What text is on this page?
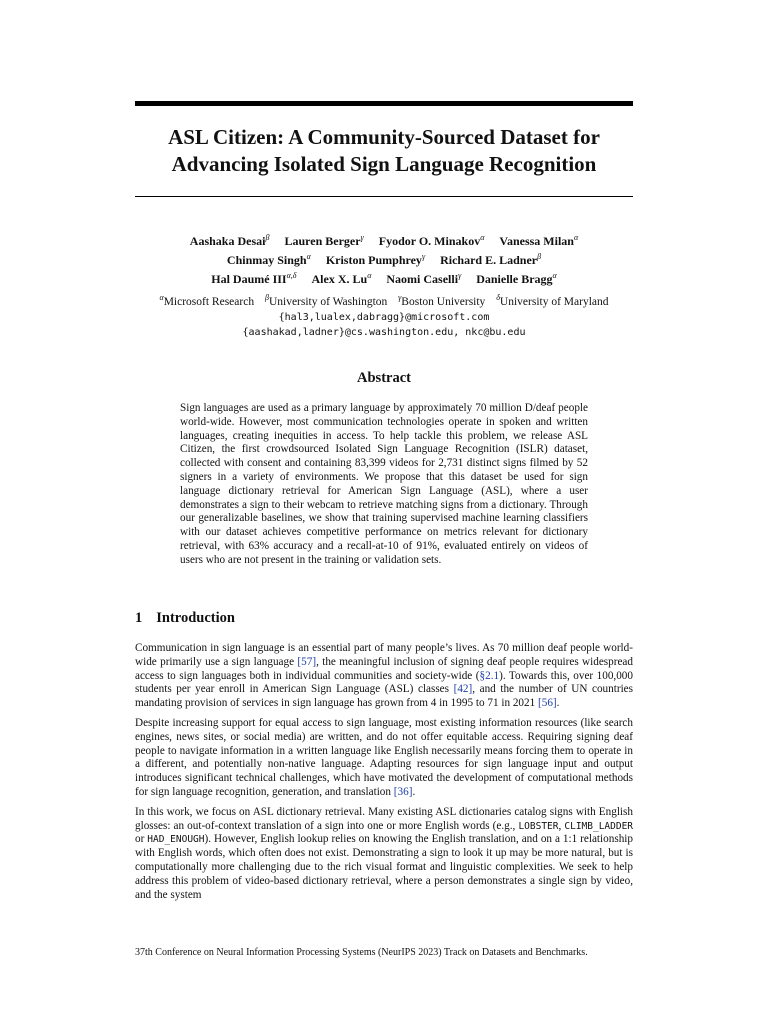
ASL Citizen: A Community-Sourced Dataset for
Advancing Isolated Sign Language Recognition
Aashaka Desai$^\beta$ Lauren Berger$^\gamma$ Fyodor O. Minakov$^\alpha$ Vanessa Milan$^\alpha$
Chinmay Singh$^\alpha$ Kriston Pumphrey$^\gamma$ Richard E. Ladner$^\beta$
Hal Daumé $III^{\alpha,\delta}$ Alex X. $Lu^\alpha$ Naomi Caselli$^\gamma$ Danielle Bragg$^\alpha$
$^\alpha$Microsoft Research $^\beta$University of Washington $^\gamma$Boston University $^\delta$University of Maryland
{hal3,lualex,dabragg}@microsoft.com
{aashakad,ladner}@cs.washington.edu, nkc@bu.edu
Abstract
Sign languages are used as a primary language by approximately 70 million D/deaf people world-wide. However, most communication technologies operate in spoken and written languages, creating inequities in access. To help tackle this problem, we release ASL Citizen, the first crowdsourced Isolated Sign Language Recognition (ISLR) dataset, collected with consent and containing 83,399 videos for 2,731 distinct signs filmed by 52 signers in a variety of environments. We propose that this dataset be used for sign language dictionary retrieval for American Sign Language (ASL), where a user demonstrates a sign to their webcam to retrieve matching signs from a dictionary. Through our generalizable baselines, we show that training supervised machine learning classifiers with our dataset achieves competitive performance on metrics relevant for dictionary retrieval, with 63% accuracy and a recall-at-10 of 91%, evaluated entirely on videos of users who are not present in the training or validation sets.
1 Introduction

Communication in sign language is an essential part of many people’s lives. As 70 million deaf people world-wide primarily use a sign language [57], the meaningful inclusion of signing deaf people requires widespread access to sign languages both in individual communities and society-wide (§2.1). Towards this, over 100,000 students per year enroll in American Sign Language (ASL) classes [42], and the number of UN countries mandating provision of services in sign language has grown from 4 in 1995 to 71 in 2021 [56].

Despite increasing support for equal access to sign language, most existing information resources (like search engines, news sites, or social media) are written, and do not offer equitable access. Requiring signing deaf people to navigate information in a written language like English necessarily means forcing them to operate in a different, and potentially non-native language. Adapting resources for sign language input and output introduces significant technical challenges, which have motivated the development of computational methods for sign language recognition, generation, and translation [36].

In this work, we focus on ASL dictionary retrieval. Many existing ASL dictionaries catalog signs with English glosses: an out-of-context translation of a sign into one or more English words (e.g., LOBSTER, CLIMB_LADDER or HAD_ENOUGH). However, English lookup relies on knowing the English translation, and on a 1:1 relationship with English words, which often does not exist. Demonstrating a sign to look it up may be more natural, but is computationally more challenging due to the rich visual format and linguistic complexities. We seek to help address this problem of video-based dictionary retrieval, where a person demonstrates a single sign by video, and the system

37th Conference on Neural Information Processing Systems (NeurIPS 2023) Track on Datasets and Benchmarks.
